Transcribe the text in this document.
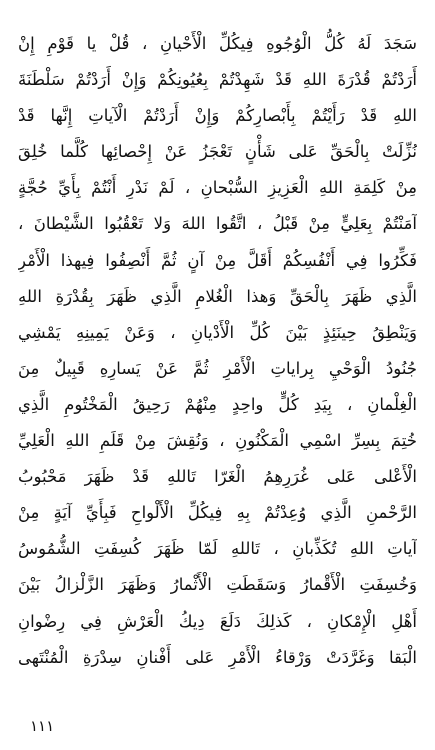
سَجَدَ لَهُ كُلُّ الْوُجُوهِ فِيكُلِّ الْأَحْيانِ ، قُلْ يا قَوْمِ إِنْ
أَرَدْتُمْ قُدْرَةَ اللهِ قَدْ شَهِدْتُمْ بِعُيُونِكُمْ وَإِنْ أَرَدْتُمْ سَلْطَنَةَ
اللهِ قَدْ رَأَيْتُمْ بِأَبْصارِكُمْ وَإِنْ أَرَدْتُمْ الْآياتِ إِنَّها قَدْ
نُزِّلَتْ بِالْحَقِّ عَلى شَأْنٍ تَعْجَزُ عَنْ إِحْصائِها كُلَّما خُلِقَ
مِنْ كَلِمَةِ اللهِ الْعَزِيزِ السُّبْحانِ ، لَمْ نَدْرِ أَنْتُمْ بِأَيِّ حُجَّةٍ
آمَنْتُمْ بِعَلِيٍّ مِنْ قَبْلُ ، اتَّقُوا اللهَ وَلا تَعْقُبُوا الشَّيْطانَ ،
فَكِّرُوا فِي أَنْفُسِكُمْ أَقَلَّ مِنْ آنٍ ثُمَّ أَنْصِفُوا فِيهذا الْأَمْرِ
الَّذِي ظَهَرَ بِالْحَقِّ وَهذا الْغُلامِ الَّذِي ظَهَرَ بِقُدْرَةِ اللهِ
وَيَنْطِقُ حِينَئِذٍ بَيْنَ كُلِّ الْأَدْيانِ ، وَعَنْ يَمِينِهِ يَمْشِي
جُنُودُ الْوَحْيِ بِراياتِ الْأَمْرِ ثُمَّ عَنْ يَسارِهِ قَبِيلٌ مِنَ
الْغِلْمانِ ، بِيَدِ كُلٍّ واحِدٍ مِنْهُمْ رَحِيقُ الْمَخْتُومِ الَّذِي
خُتِمَ بِسِرِّ اسْمِي الْمَكْنُونِ ، وَنُقِشَ مِنْ قَلَمِ اللهِ الْعَلِيِّ
الْأَعْلى عَلى غُرَرِهِمُ الْغَرّا تَاللهِ قَدْ ظَهَرَ مَحْبُوبُ
الرَّحْمنِ الَّذِي وُعِدْتُمْ بِهِ فِيكُلِّ الْأَلْواحِ فَبِأَيِّ آيَةٍ مِنْ
آياتِ اللهِ تُكَذِّبانِ ، تَاللهِ لَمّا ظَهَرَ كُسِفَتِ الشُّمُوسُ
وَخُسِفَتِ الْأَقْمارُ وَسَقَطَتِ الْأَثْمارُ وَظَهَرَ الزَّلْزالُ بَيْنَ
أَهْلِ الْإِمْكانِ ، كَذلِكَ دَلَعَ دِيكُ الْعَرْشِ فِي رِضْوانِ
الْبَقا وَغَرَّدَتْ وَرْقاءُ الْأَمْرِ عَلى أَفْنانِ سِدْرَةِ الْمُنْتَهى
١١١
